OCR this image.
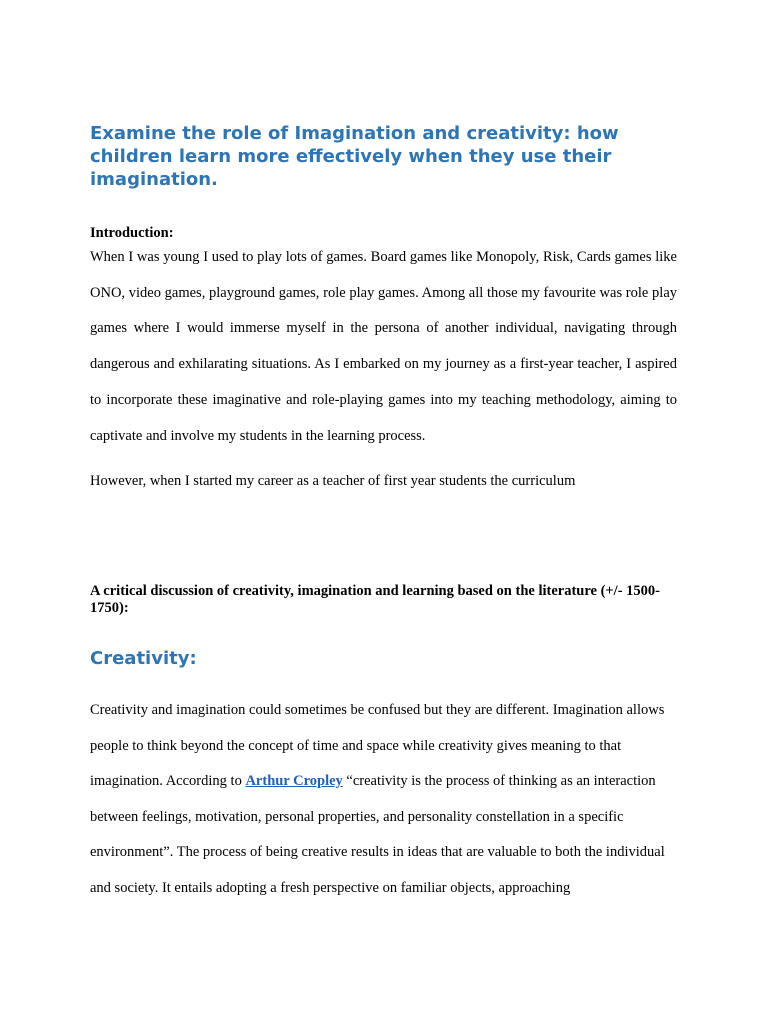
Examine the role of Imagination and creativity: how children learn more effectively when they use their imagination.
Introduction:

When I was young I used to play lots of games. Board games like Monopoly, Risk, Cards games like ONO, video games, playground games, role play games. Among all those my favourite was role play games where I would immerse myself in the persona of another individual, navigating through dangerous and exhilarating situations. As I embarked on my journey as a first-year teacher, I aspired to incorporate these imaginative and role-playing games into my teaching methodology, aiming to captivate and involve my students in the learning process.

However, when I started my career as a teacher of first year students the curriculum

A critical discussion of creativity, imagination and learning based on the literature (+/- 1500-1750):
Creativity:

Creativity and imagination could sometimes be confused but they are different. Imagination allows people to think beyond the concept of time and space while creativity gives meaning to that imagination. According to Arthur Cropley “creativity is the process of thinking as an interaction between feelings, motivation, personal properties, and personality constellation in a specific environment”. The process of being creative results in ideas that are valuable to both the individual and society. It entails adopting a fresh perspective on familiar objects, approaching
